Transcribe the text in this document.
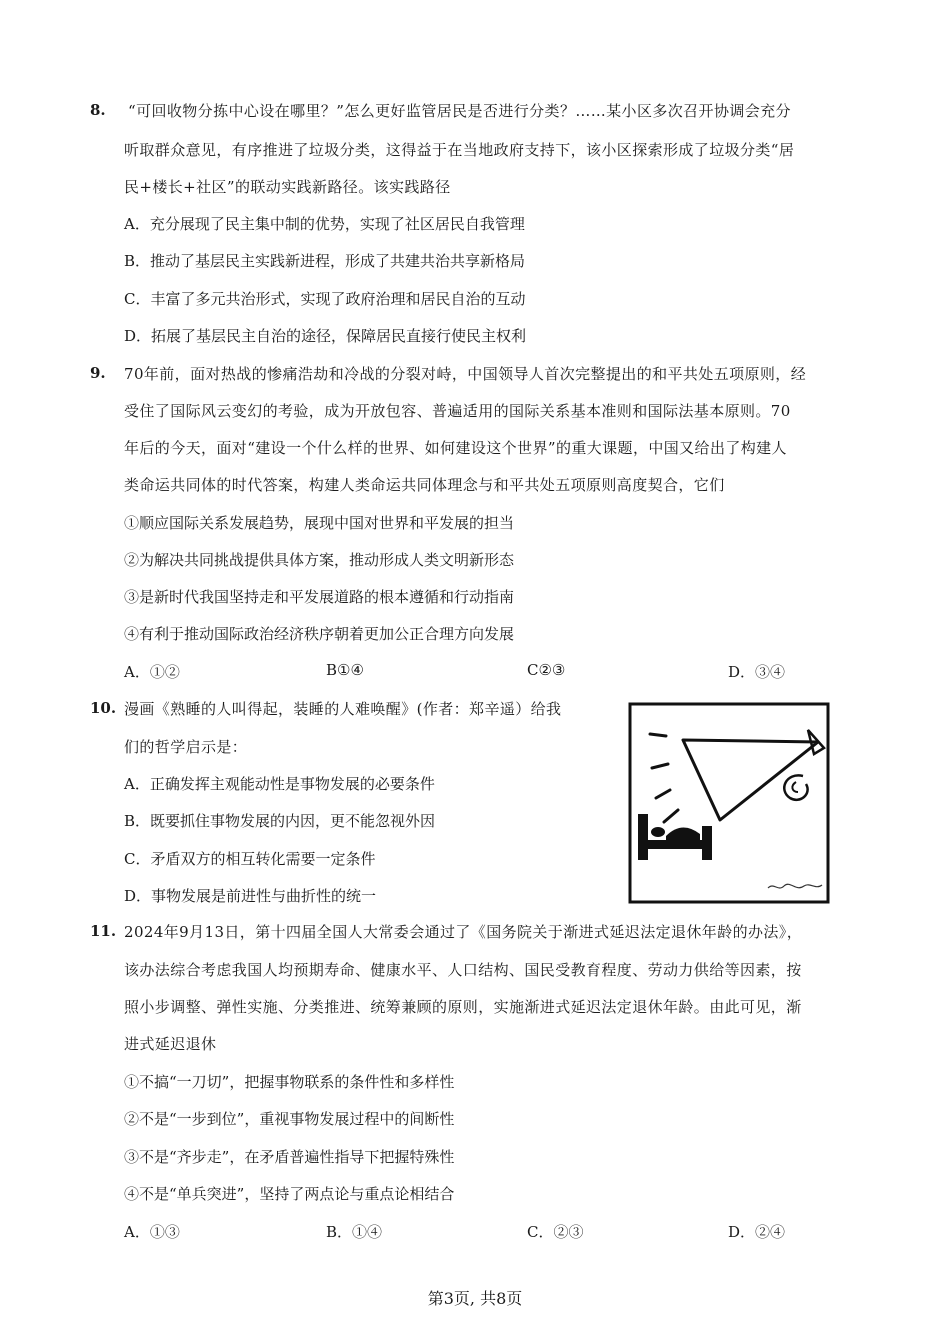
8. “可回收物分拣中心设在哪里？”怎么更好监管居民是否进行分类？……某小区多次召开协调会充分
听取群众意见，有序推进了垃圾分类，这得益于在当地政府支持下，该小区探索形成了垃圾分类“居
民+楼长+社区”的联动实践新路径。该实践路径
A．充分展现了民主集中制的优势，实现了社区居民自我管理
B．推动了基层民主实践新进程，形成了共建共治共享新格局
C．丰富了多元共治形式，实现了政府治理和居民自治的互动
D．拓展了基层民主自治的途径，保障居民直接行使民主权利
9. 70年前，面对热战的惨痛浩劫和冷战的分裂对峙，中国领导人首次完整提出的和平共处五项原则，经
受住了国际风云变幻的考验，成为开放包容、普遍适用的国际关系基本准则和国际法基本原则。70
年后的今天，面对“建设一个什么样的世界、如何建设这个世界”的重大课题，中国又给出了构建人
类命运共同体的时代答案，构建人类命运共同体理念与和平共处五项原则高度契合，它们
①顺应国际关系发展趋势，展现中国对世界和平发展的担当
②为解决共同挑战提供具体方案，推动形成人类文明新形态
③是新时代我国坚持走和平发展道路的根本遵循和行动指南
④有利于推动国际政治经济秩序朝着更加公正合理方向发展
A．①②	B①④	C②③	D．③④
10. 漫画《熟睡的人叫得起，装睡的人难唤醒》(作者：郑辛遥）给我
们的哲学启示是：
A．正确发挥主观能动性是事物发展的必要条件
B．既要抓住事物发展的内因，更不能忽视外因
C．矛盾双方的相互转化需要一定条件
D．事物发展是前进性与曲折性的统一
11. 2024年9月13日，第十四届全国人大常委会通过了《国务院关于渐进式延迟法定退休年龄的办法》，
该办法综合考虑我国人均预期寿命、健康水平、人口结构、国民受教育程度、劳动力供给等因素，按
照小步调整、弹性实施、分类推进、统筹兼顾的原则，实施渐进式延迟法定退休年龄。由此可见，渐
进式延迟退休
①不搞“一刀切”，把握事物联系的条件性和多样性
②不是“一步到位”，重视事物发展过程中的间断性
③不是“齐步走”，在矛盾普遍性指导下把握特殊性
④不是“单兵突进”，坚持了两点论与重点论相结合
A．①③	B．①④	C．②③	D．②④
第3页, 共8页
